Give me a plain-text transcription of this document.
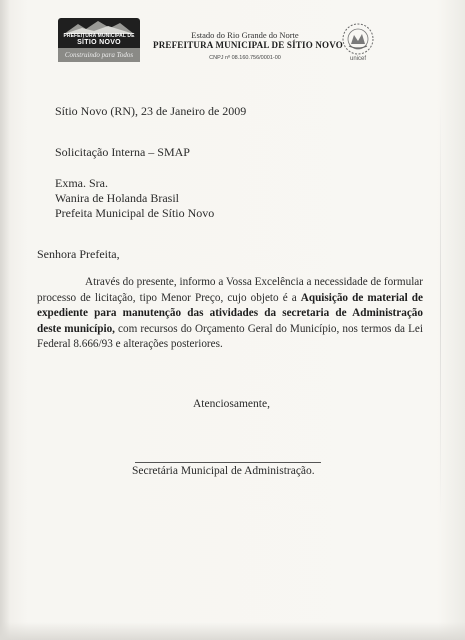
PREFEITURA MUNICIPAL DE
SÍTIO NOVO
Construindo para Todos
Estado do Rio Grande do Norte
PREFEITURA MUNICIPAL DE SÍTIO NOVO
CNPJ nº 08.160.756/0001-00	unicef
Sítio Novo (RN), 23 de Janeiro de 2009
Solicitação Interna – SMAP
Exma. Sra.
Wanira de Holanda Brasil
Prefeita Municipal de Sítio Novo
Senhora Prefeita,

Através do presente, informo a Vossa Excelência a necessidade de formular processo de licitação, tipo Menor Preço, cujo objeto é a Aquisição de material de expediente para manutenção das atividades da secretaria de Administração deste município, com recursos do Orçamento Geral do Município, nos termos da Lei Federal 8.666/93 e alterações posteriores.

Atenciosamente,
Secretária Municipal de Administração.
